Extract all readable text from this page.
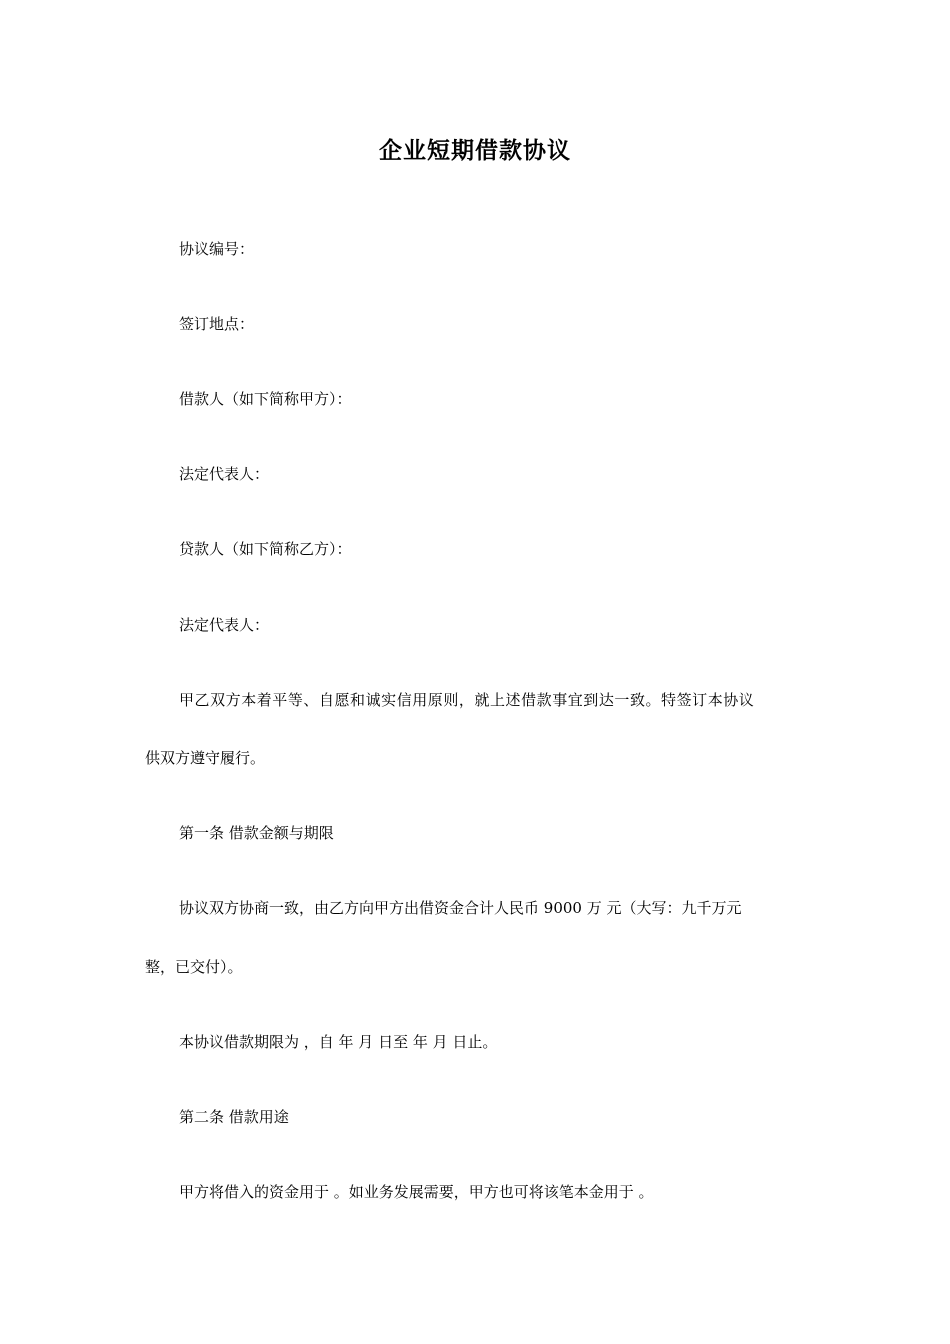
企业短期借款协议
协议编号：
签订地点：
借款人（如下简称甲方）：
法定代表人：
贷款人（如下简称乙方）：
法定代表人：
甲乙双方本着平等、自愿和诚实信用原则，就上述借款事宜到达一致。特签订本协议
供双方遵守履行。
第一条 借款金额与期限
协议双方协商一致，由乙方向甲方出借资金合计人民币 9000 万 元（大写：九千万元
整，已交付）。
本协议借款期限为 ，自 年 月 日至 年 月 日止。
第二条 借款用途
甲方将借入的资金用于 。如业务发展需要，甲方也可将该笔本金用于 。
